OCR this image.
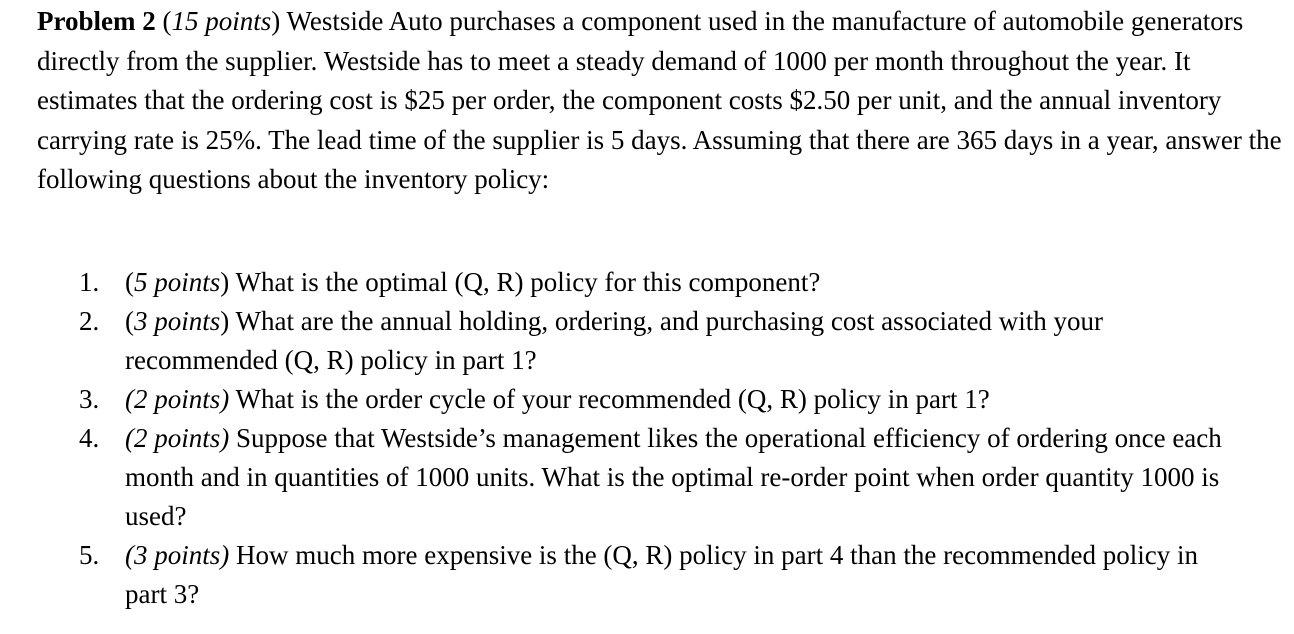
Problem 2 (15 points) Westside Auto purchases a component used in the manufacture of automobile generators directly from the supplier. Westside has to meet a steady demand of 1000 per month throughout the year. It estimates that the ordering cost is $25 per order, the component costs $2.50 per unit, and the annual inventory carrying rate is 25%. The lead time of the supplier is 5 days. Assuming that there are 365 days in a year, answer the following questions about the inventory policy:

1. (5 points) What is the optimal (Q, R) policy for this component?
2. (3 points) What are the annual holding, ordering, and purchasing cost associated with your recommended (Q, R) policy in part 1?
3. (2 points) What is the order cycle of your recommended (Q, R) policy in part 1?
4. (2 points) Suppose that Westside’s management likes the operational efficiency of ordering once each month and in quantities of 1000 units. What is the optimal re-order point when order quantity 1000 is used?
5. (3 points) How much more expensive is the (Q, R) policy in part 4 than the recommended policy in part 3?
